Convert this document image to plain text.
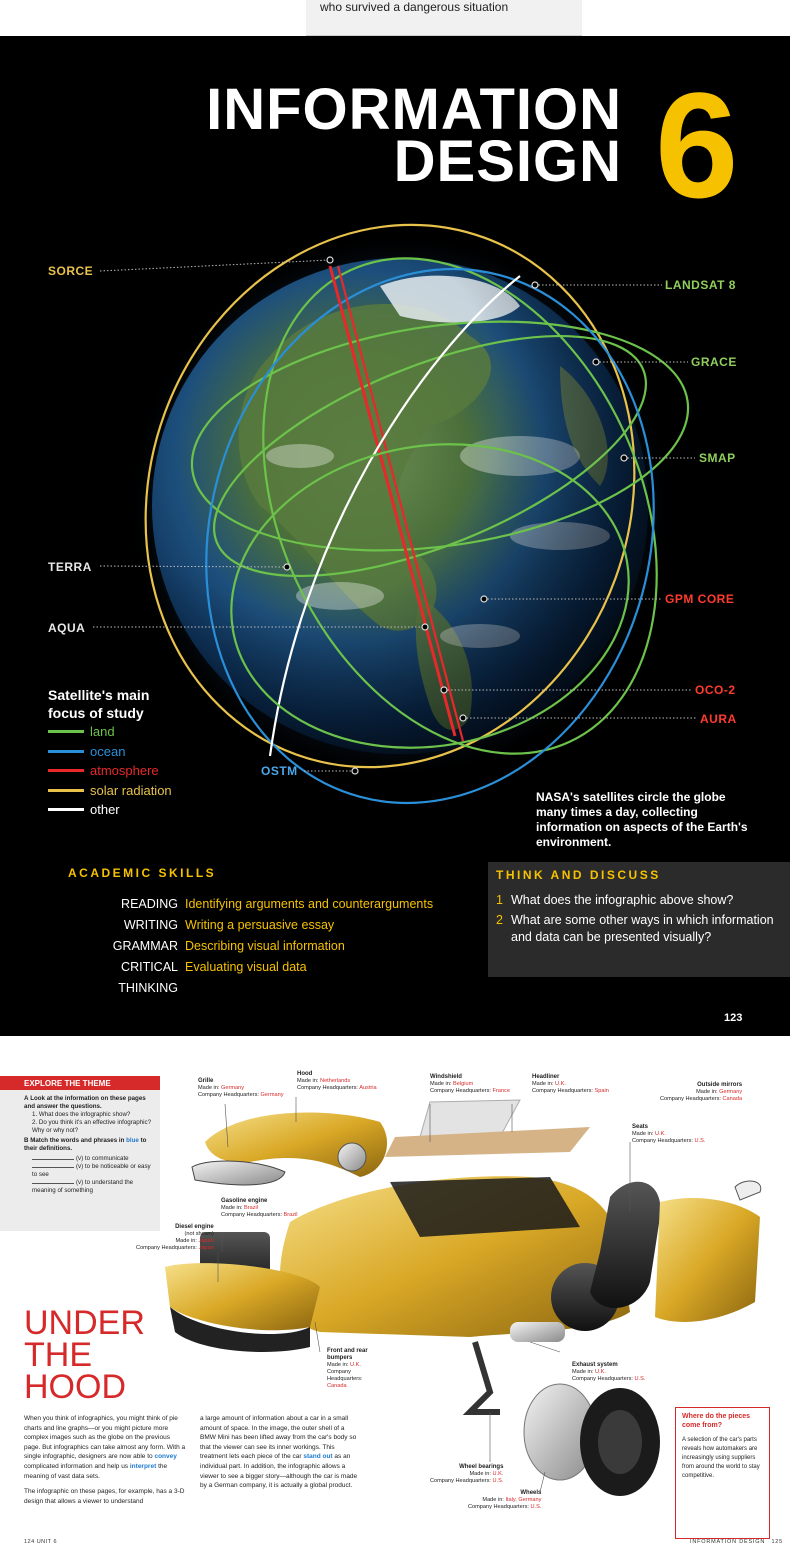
who survived a dangerous situation
INFORMATION
DESIGN 6
SORCE
LANDSAT 8
GRACE
SMAP
TERRA
GPM CORE
AQUA
OCO-2
AURA
OSTM
Satellite's main focus of study
land
ocean
atmosphere
solar radiation
other
NASA's satellites circle the globe many times a day, collecting information on aspects of the Earth's environment.
ACADEMIC SKILLS
READING Identifying arguments and counterarguments
WRITING Writing a persuasive essay
GRAMMAR Describing visual information
CRITICAL THINKING
Evaluating visual data
THINK AND DISCUSS
1 What does the infographic above show?
2 What are some other ways in which information and data can be presented visually?
123
EXPLORE THE THEME
A Look at the information on these pages and answer the questions.
1. What does the infographic show?
2. Do you think it's an effective infographic? Why or why not?
B Match the words and phrases in blue to their definitions.
(v) to communicate
(v) to be noticeable or easy to see
(v) to understand the meaning of something
UNDER
THE
HOOD

When you think of infographics, you might think of pie charts and line graphs—or you might picture more complex images such as the globe on the previous page. But infographics can take almost any form. With a single infographic, designers are now able to convey complicated information and help us interpret the meaning of vast data sets.

The infographic on these pages, for example, has a 3-D design that allows a viewer to understand

a large amount of information about a car in a small amount of space. In the image, the outer shell of a BMW Mini has been lifted away from the car's body so that the viewer can see its inner workings. This treatment lets each piece of the car stand out as an individual part. In addition, the infographic allows a viewer to see a bigger story—although the car is made by a German company, it is actually a global product.

Grille
Made in: Germany
Company Headquarters: Germany
Hood
Made in: Netherlands
Company Headquarters: Austria
Windshield
Made in: Belgium
Company Headquarters: France
Headliner
Made in: U.K.
Company Headquarters: Spain
Outside mirrors
Made in: Germany
Company Headquarters: Canada
Seats
Made in: U.K.
Company Headquarters: U.S.
Gasoline engine
Made in: Brazil
Company Headquarters: Brazil
Diesel engine
(not shown)
Made in: Japan
Company Headquarters: Japan
Front and rear bumpers
Made in: U.K.
Company Headquarters: Canada
Exhaust system
Made in: U.K.
Company Headquarters: U.S.
Wheel bearings
Made in: U.K.
Company Headquarters: U.S.
Wheels
Made in: Italy, Germany
Company Headquarters: U.S.
Where do the pieces come from?

A selection of the car's parts reveals how automakers are increasingly using suppliers from around the world to stay competitive.

124 UNIT 6	INFORMATION DESIGN 125
